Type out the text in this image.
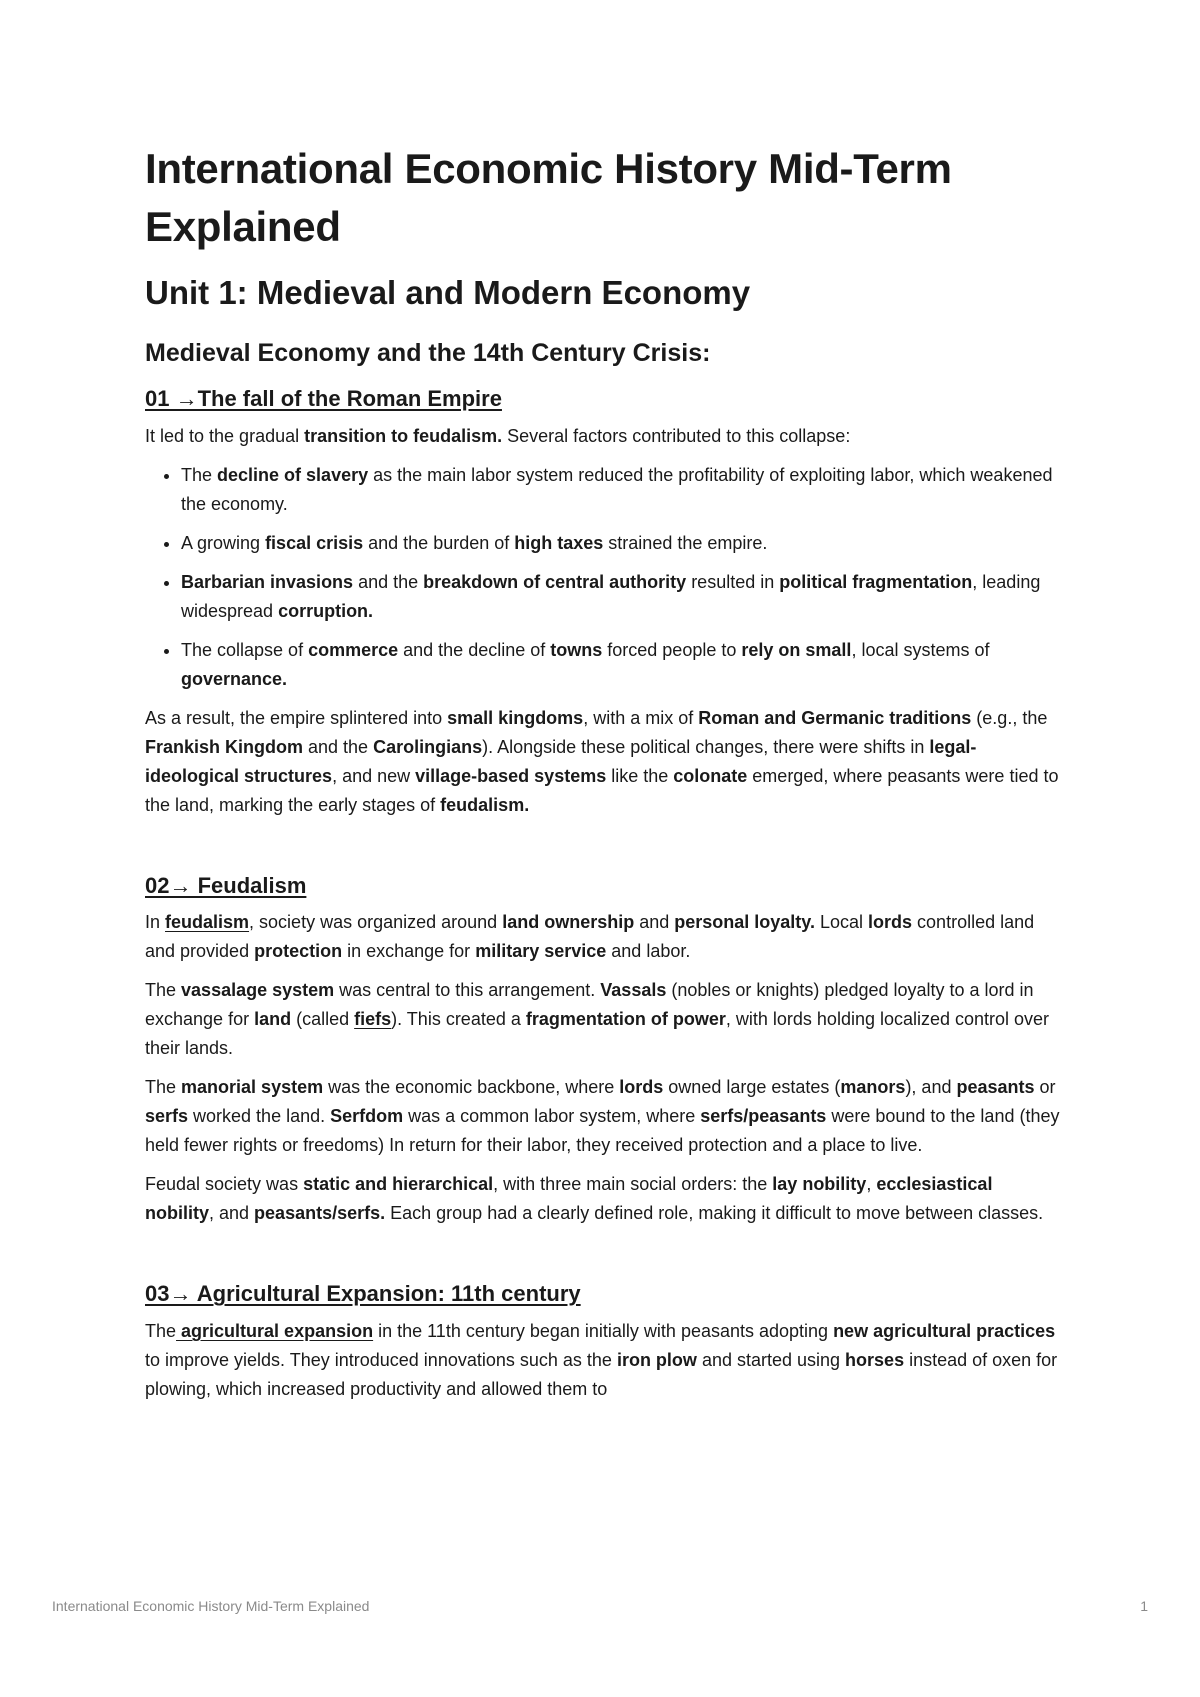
International Economic History Mid-Term Explained
Unit 1: Medieval and Modern Economy
Medieval Economy and the 14th Century Crisis:
01 →The fall of the Roman Empire

It led to the gradual transition to feudalism. Several factors contributed to this collapse:

• The decline of slavery as the main labor system reduced the profitability of exploiting labor, which weakened the economy.
• A growing fiscal crisis and the burden of high taxes strained the empire.
• Barbarian invasions and the breakdown of central authority resulted in political fragmentation, leading widespread corruption.
• The collapse of commerce and the decline of towns forced people to rely on small, local systems of governance.

As a result, the empire splintered into small kingdoms, with a mix of Roman and Germanic traditions (e.g., the Frankish Kingdom and the Carolingians). Alongside these political changes, there were shifts in legal-ideological structures, and new village-based systems like the colonate emerged, where peasants were tied to the land, marking the early stages of feudalism.

02→ Feudalism

In feudalism, society was organized around land ownership and personal loyalty. Local lords controlled land and provided protection in exchange for military service and labor.

The vassalage system was central to this arrangement. Vassals (nobles or knights) pledged loyalty to a lord in exchange for land (called fiefs). This created a fragmentation of power, with lords holding localized control over their lands.

The manorial system was the economic backbone, where lords owned large estates (manors), and peasants or serfs worked the land. Serfdom was a common labor system, where serfs/peasants were bound to the land (they held fewer rights or freedoms) In return for their labor, they received protection and a place to live.

Feudal society was static and hierarchical, with three main social orders: the lay nobility, ecclesiastical nobility, and peasants/serfs. Each group had a clearly defined role, making it difficult to move between classes.

03→ Agricultural Expansion: 11th century

The agricultural expansion in the 11th century began initially with peasants adopting new agricultural practices to improve yields. They introduced innovations such as the iron plow and started using horses instead of oxen for plowing, which increased productivity and allowed them to

International Economic History Mid-Term Explained	1
